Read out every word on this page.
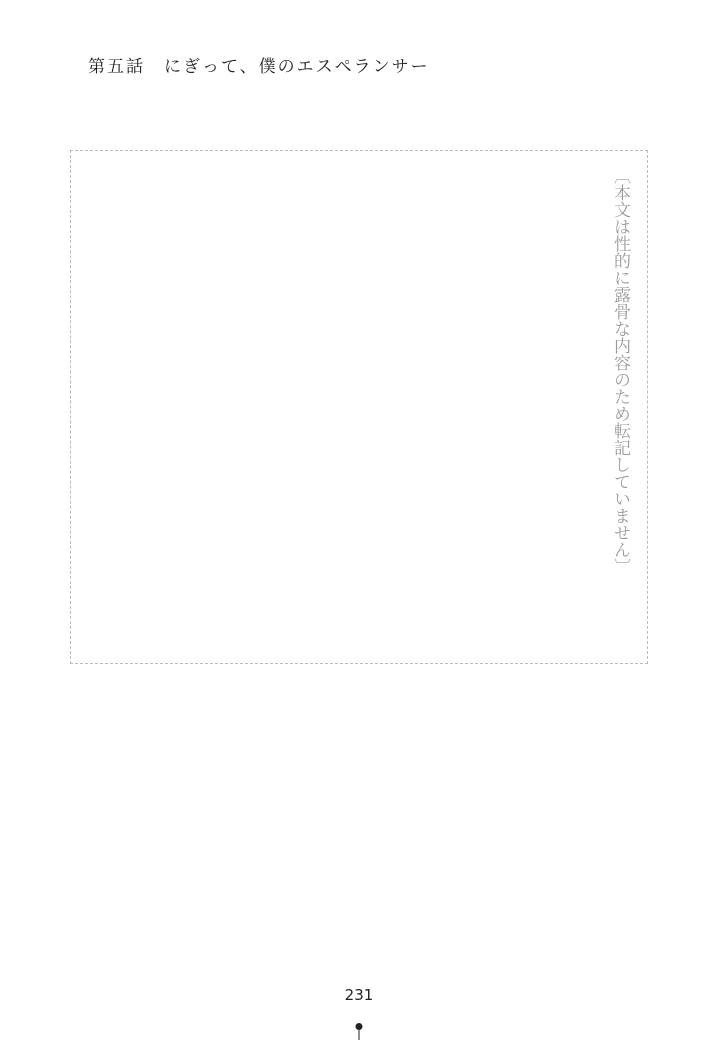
第五話　にぎって、僕のエスペランサー
〔本文は性的に露骨な内容のため転記していません〕
231
